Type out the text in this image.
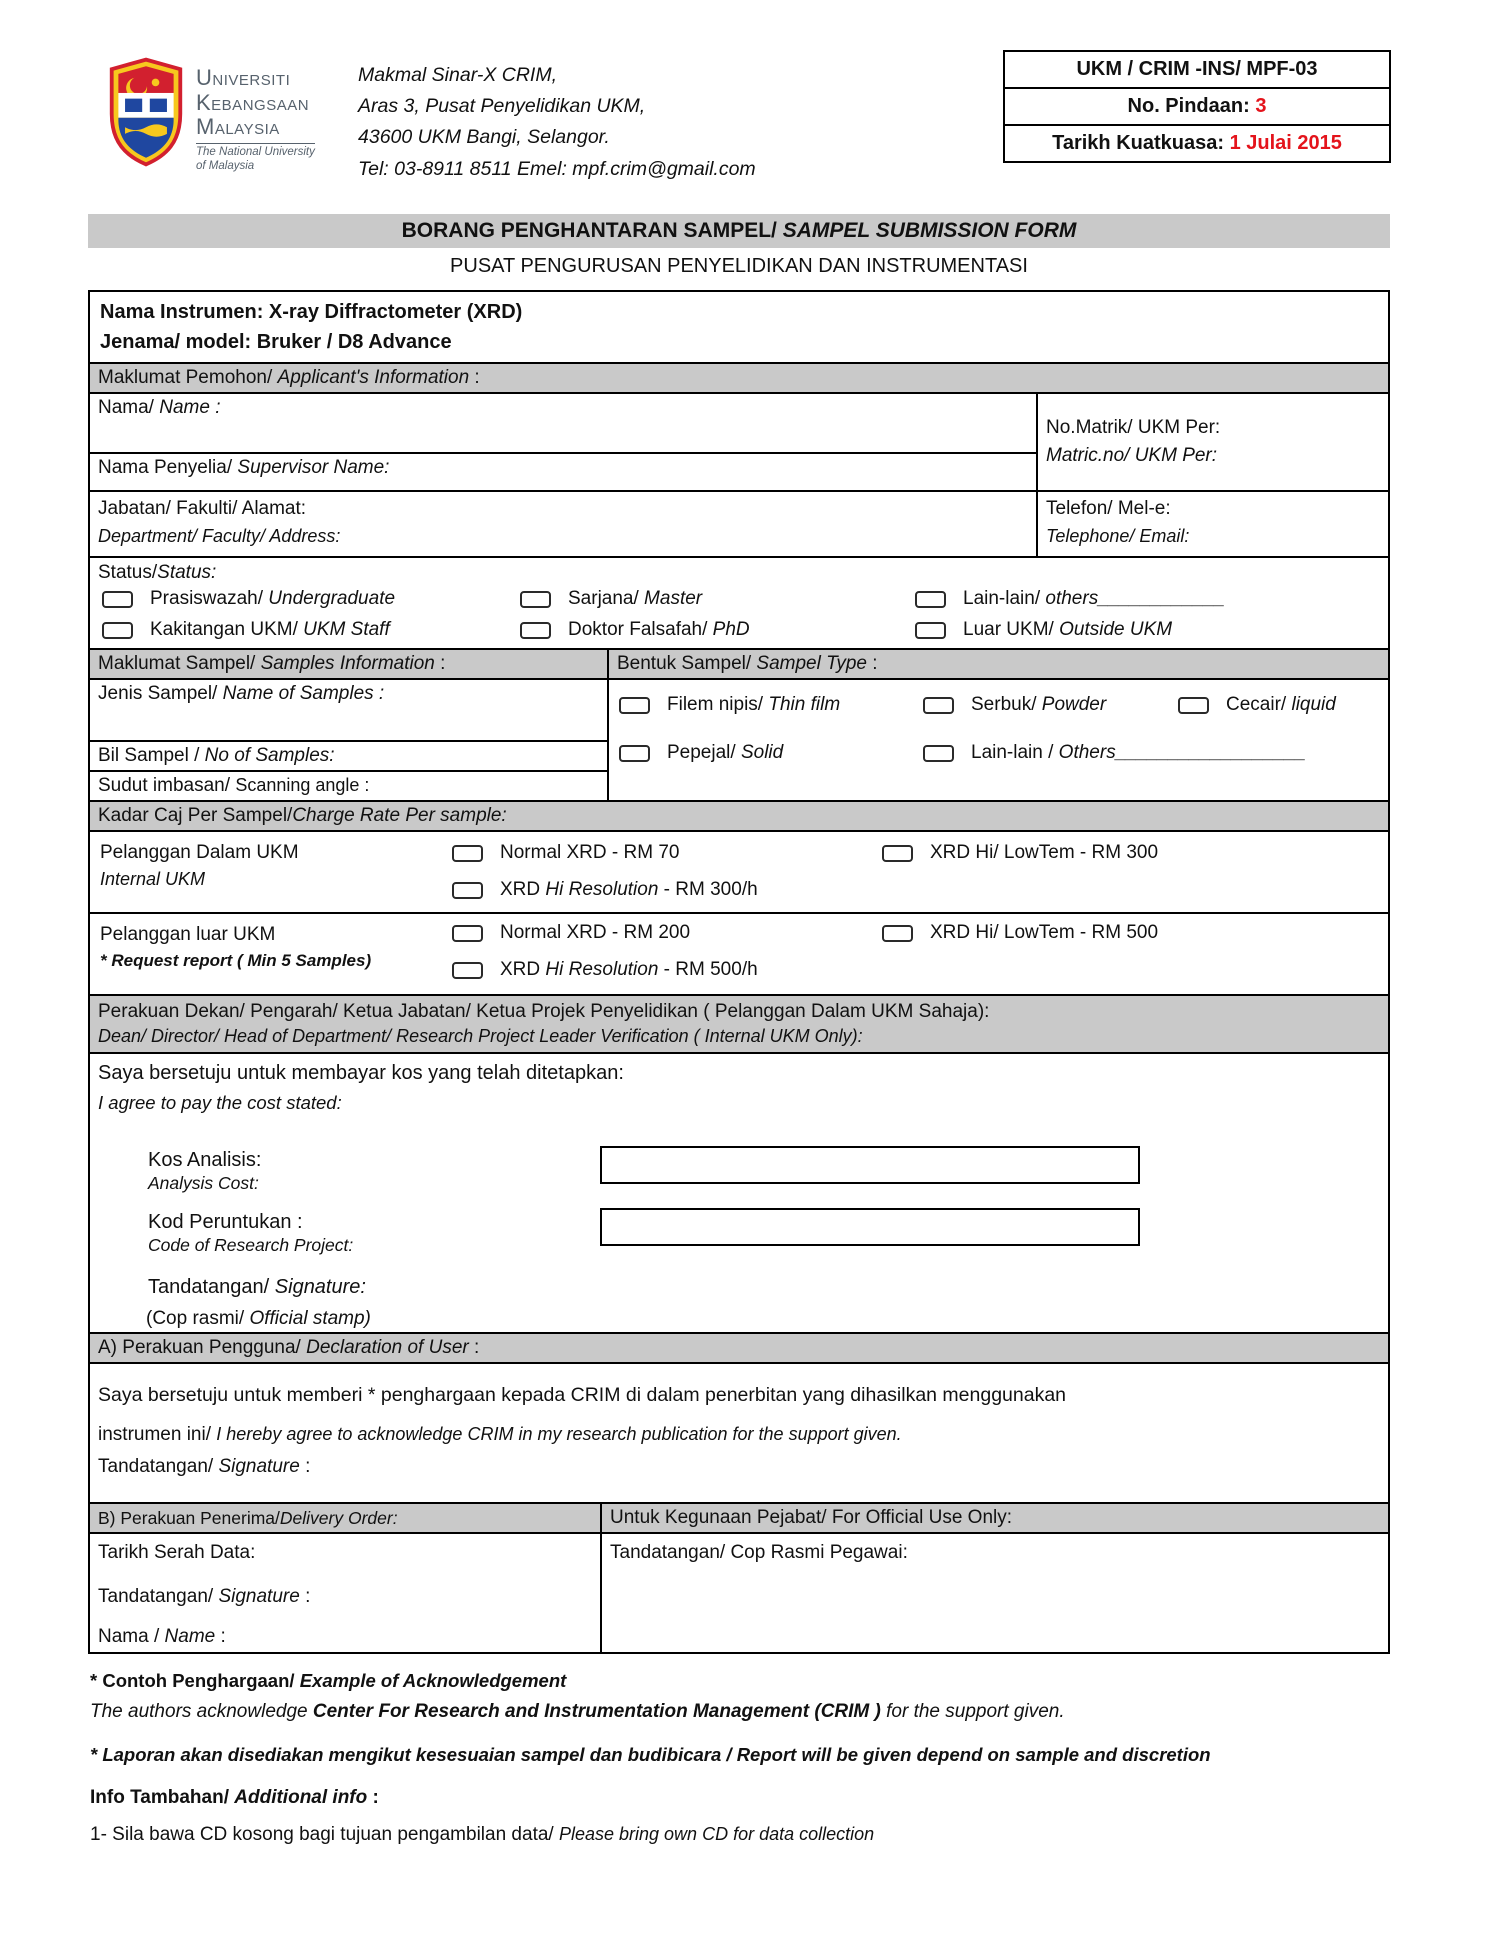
Universiti
Kebangsaan
Malaysia
The National University
of Malaysia
Makmal Sinar-X CRIM,
Aras 3, Pusat Penyelidikan UKM,
43600 UKM Bangi, Selangor.
Tel: 03-8911 8511 Emel: mpf.crim@gmail.com
UKM / CRIM -INS/ MPF-03
No. Pindaan: 3
Tarikh Kuatkuasa: 1 Julai 2015
BORANG PENGHANTARAN SAMPEL/ SAMPEL SUBMISSION FORM
PUSAT PENGURUSAN PENYELIDIKAN DAN INSTRUMENTASI
Nama Instrumen: X-ray Diffractometer (XRD)
Jenama/ model: Bruker / D8 Advance
Maklumat Pemohon/ Applicant's Information :
Nama/ Name :
Nama Penyelia/ Supervisor Name:
No.Matrik/ UKM Per:
Matric.no/ UKM Per:
Jabatan/ Fakulti/ Alamat:
Department/ Faculty/ Address:
Telefon/ Mel-e:
Telephone/ Email:
Status/Status:
Prasiswazah/ Undergraduate	Sarjana/ Master	Lain-lain/ others____________
Kakitangan UKM/ UKM Staff	Doktor Falsafah/ PhD	Luar UKM/ Outside UKM
Maklumat Sampel/ Samples Information :
Jenis Sampel/ Name of Samples :
Bil Sampel / No of Samples:
Sudut imbasan/ Scanning angle :
Bentuk Sampel/ Sampel Type :
Filem nipis/ Thin film	Serbuk/ Powder	Cecair/ liquid
Pepejal/ Solid	Lain-lain / Others__________________
Kadar Caj Per Sampel/Charge Rate Per sample:
Pelanggan Dalam UKM
Internal UKM
Normal XRD - RM 70	XRD Hi/ LowTem - RM 300
XRD Hi Resolution - RM 300/h
Pelanggan luar UKM
* Request report ( Min 5 Samples)
Normal XRD - RM 200	XRD Hi/ LowTem - RM 500
XRD Hi Resolution - RM 500/h
Perakuan Dekan/ Pengarah/ Ketua Jabatan/ Ketua Projek Penyelidikan ( Pelanggan Dalam UKM Sahaja):
Dean/ Director/ Head of Department/ Research Project Leader Verification ( Internal UKM Only):
Saya bersetuju untuk membayar kos yang telah ditetapkan:
I agree to pay the cost stated:
Kos Analisis:
Analysis Cost:
Kod Peruntukan :
Code of Research Project:
Tandatangan/ Signature:
(Cop rasmi/ Official stamp)
A) Perakuan Pengguna/ Declaration of User :
Saya bersetuju untuk memberi * penghargaan kepada CRIM di dalam penerbitan yang dihasilkan menggunakan
instrumen ini/ I hereby agree to acknowledge CRIM in my research publication for the support given.
Tandatangan/ Signature :
B) Perakuan Penerima/ Delivery Order:
Tarikh Serah Data:
Tandatangan/ Signature :
Nama / Name :
Untuk Kegunaan Pejabat/ For Official Use Only:
Tandatangan/ Cop Rasmi Pegawai:
* Contoh Penghargaan/ Example of Acknowledgement
The authors acknowledge Center For Research and Instrumentation Management (CRIM ) for the support given.
* Laporan akan disediakan mengikut kesesuaian sampel dan budibicara / Report will be given depend on sample and discretion
Info Tambahan/ Additional info :
1- Sila bawa CD kosong bagi tujuan pengambilan data/ Please bring own CD for data collection
